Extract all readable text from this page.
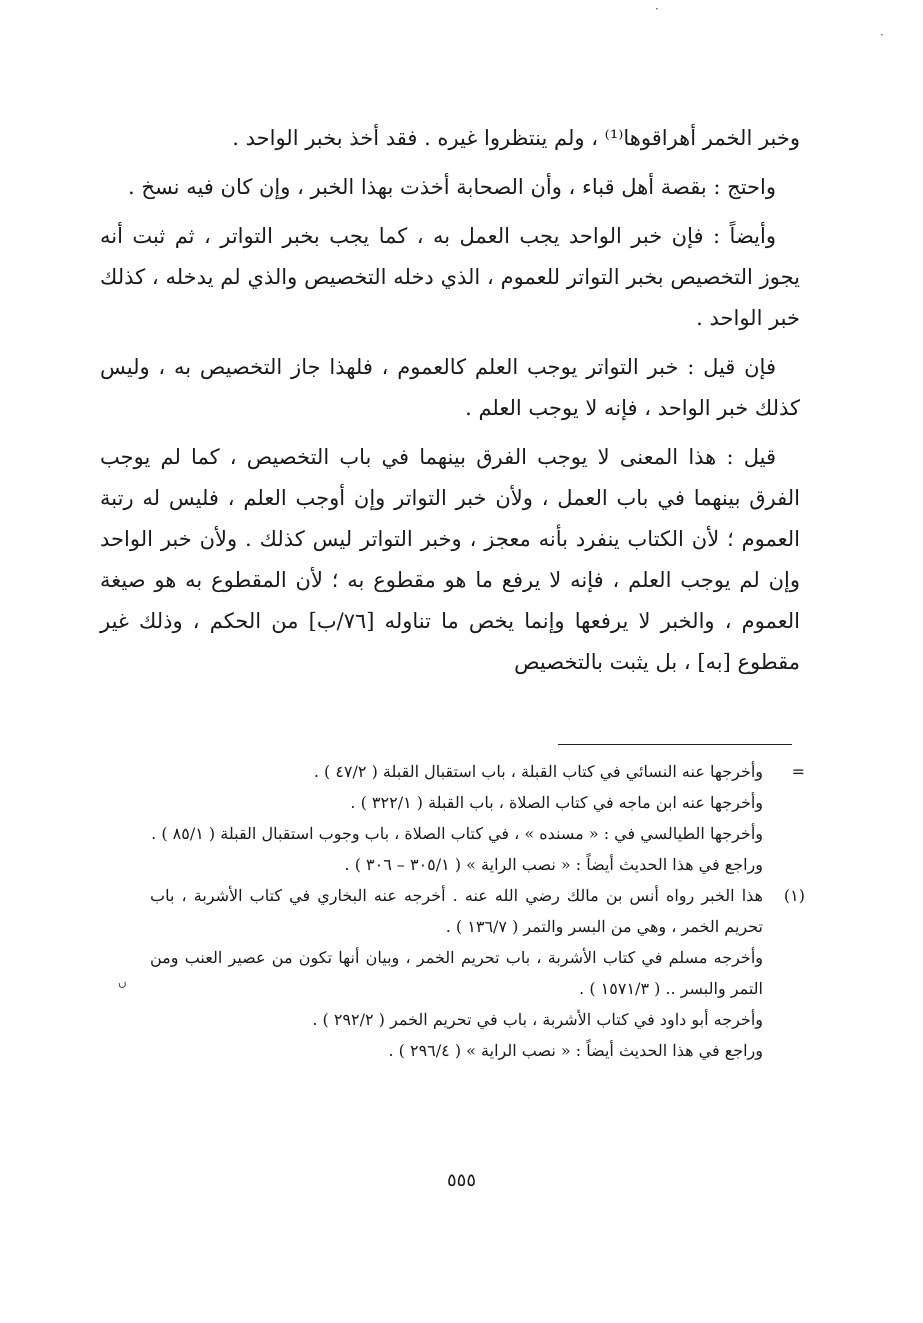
·
·
ں

وخبر الخمر أهراقوها⁽¹⁾ ، ولم ينتظروا غيره . فقد أخذ بخبر الواحد .

واحتج : بقصة أهل قباء ، وأن الصحابة أخذت بهذا الخبر ، وإن كان فيه نسخ .

وأيضاً : فإن خبر الواحد يجب العمل به ، كما يجب بخبر التواتر ، ثم ثبت أنه يجوز التخصيص بخبر التواتر للعموم ، الذي دخله التخصيص والذي لم يدخله ، كذلك خبر الواحد .

فإن قيل : خبر التواتر يوجب العلم كالعموم ، فلهذا جاز التخصيص به ، وليس كذلك خبر الواحد ، فإنه لا يوجب العلم .

قيل : هذا المعنى لا يوجب الفرق بينهما في باب التخصيص ، كما لم يوجب الفرق بينهما في باب العمل ، ولأن خبر التواتر وإن أوجب العلم ، فليس له رتبة العموم ؛ لأن الكتاب ينفرد بأنه معجز ، وخبر التواتر ليس كذلك . ولأن خبر الواحد وإن لم يوجب العلم ، فإنه لا يرفع ما هو مقطوع به ؛ لأن المقطوع به هو صيغة العموم ، والخبر لا يرفعها وإنما يخص ما تناوله [٧٦/ب] من الحكم ، وذلك غير مقطوع [به] ، بل يثبت بالتخصيص

=
وأخرجها عنه النسائي في كتاب القبلة ، باب استقبال القبلة ( ٤٧/٢ ) .
وأخرجها عنه ابن ماجه في كتاب الصلاة ، باب القبلة ( ٣٢٢/١ ) .
وأخرجها الطيالسي في : « مسنده » ، في كتاب الصلاة ، باب وجوب استقبال القبلة ( ٨٥/١ ) .
وراجع في هذا الحديث أيضاً : « نصب الراية » ( ٣٠٥/١ – ٣٠٦ ) .
(١)
هذا الخبر رواه أنس بن مالك رضي الله عنه . أخرجه عنه البخاري في كتاب الأشربة ، باب تحريم الخمر ، وهي من البسر والتمر ( ١٣٦/٧ ) .
وأخرجه مسلم في كتاب الأشربة ، باب تحريم الخمر ، وبيان أنها تكون من عصير العنب ومن التمر والبسر .. ( ١٥٧١/٣ ) .
وأخرجه أبو داود في كتاب الأشربة ، باب في تحريم الخمر ( ٢٩٢/٢ ) .
وراجع في هذا الحديث أيضاً : « نصب الراية » ( ٢٩٦/٤ ) .
٥٥٥
